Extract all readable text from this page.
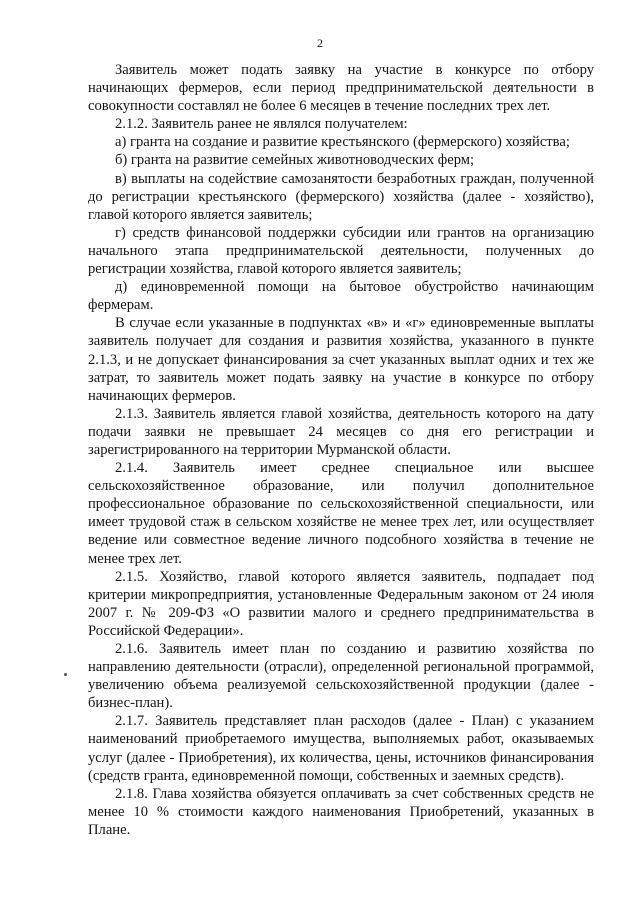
2

Заявитель может подать заявку на участие в конкурсе по отбору начинающих фермеров, если период предпринимательской деятельности в совокупности составлял не более 6 месяцев в течение последних трех лет.

2.1.2. Заявитель ранее не являлся получателем:

а) гранта на создание и развитие крестьянского (фермерского) хозяйства;

б) гранта на развитие семейных животноводческих ферм;

в) выплаты на содействие самозанятости безработных граждан, полученной до регистрации крестьянского (фермерского) хозяйства (далее - хозяйство), главой которого является заявитель;

г) средств финансовой поддержки субсидии или грантов на организацию начального этапа предпринимательской деятельности, полученных до регистрации хозяйства, главой которого является заявитель;

д) единовременной помощи на бытовое обустройство начинающим фермерам.

В случае если указанные в подпунктах «в» и «г» единовременные выплаты заявитель получает для создания и развития хозяйства, указанного в пункте 2.1.3, и не допускает финансирования за счет указанных выплат одних и тех же затрат, то заявитель может подать заявку на участие в конкурсе по отбору начинающих фермеров.

2.1.3. Заявитель является главой хозяйства, деятельность которого на дату подачи заявки не превышает 24 месяцев со дня его регистрации и зарегистрированного на территории Мурманской области.

2.1.4. Заявитель имеет среднее специальное или высшее сельскохозяйственное образование, или получил дополнительное профессиональное образование по сельскохозяйственной специальности, или имеет трудовой стаж в сельском хозяйстве не менее трех лет, или осуществляет ведение или совместное ведение личного подсобного хозяйства в течение не менее трех лет.

2.1.5. Хозяйство, главой которого является заявитель, подпадает под критерии микропредприятия, установленные Федеральным законом от 24 июля 2007 г. № 209-ФЗ «О развитии малого и среднего предпринимательства в Российской Федерации».

2.1.6. Заявитель имеет план по созданию и развитию хозяйства по направлению деятельности (отрасли), определенной региональной программой, увеличению объема реализуемой сельскохозяйственной продукции (далее - бизнес-план).

2.1.7. Заявитель представляет план расходов (далее - План) с указанием наименований приобретаемого имущества, выполняемых работ, оказываемых услуг (далее - Приобретения), их количества, цены, источников финансирования (средств гранта, единовременной помощи, собственных и заемных средств).

2.1.8. Глава хозяйства обязуется оплачивать за счет собственных средств не менее 10 % стоимости каждого наименования Приобретений, указанных в Плане.
